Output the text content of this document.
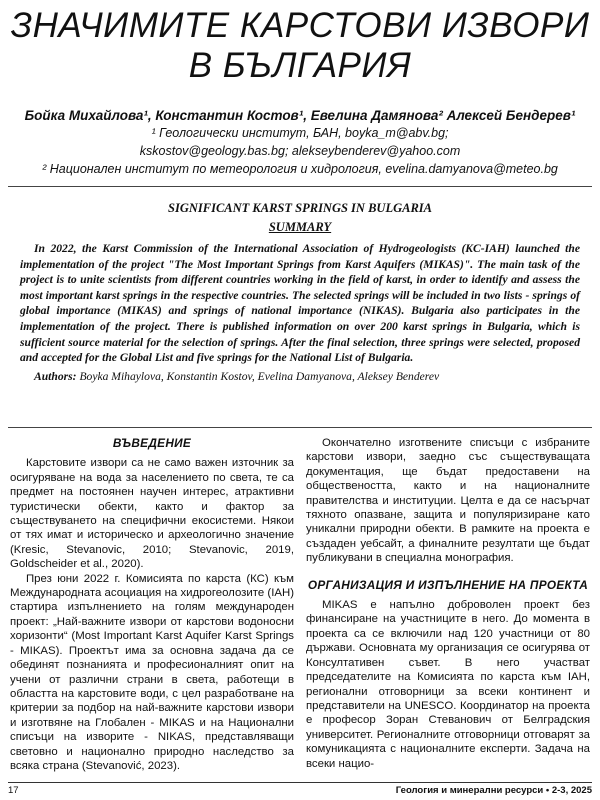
ЗНАЧИМИТЕ КАРСТОВИ ИЗВОРИ
В БЪЛГАРИЯ

Бойка Михайлова¹, Константин Костов¹, Евелина Дамянова² Алексей Бендерев¹

¹ Геологически институт, БАН, boyka_m@abv.bg;

kskostov@geology.bas.bg; alekseybenderev@yahoo.com

² Национален институт по метеорология и хидрология, evelina.damyanova@meteo.bg

SIGNIFICANT KARST SPRINGS IN BULGARIA

SUMMARY

In 2022, the Karst Commission of the International Association of Hydrogeologists (KC-IAH) launched the implementation of the project "The Most Important Springs from Karst Aquifers (MIKAS)". The main task of the project is to unite scientists from different countries working in the field of karst, in order to identify and assess the most important karst springs in the respective countries. The selected springs will be included in two lists - springs of global importance (MIKAS) and springs of national importance (NIKAS). Bulgaria also participates in the implementation of the project. There is published information on over 200 karst springs in Bulgaria, which is sufficient source material for the selection of springs. After the final selection, three springs were selected, proposed and accepted for the Global List and five springs for the National List of Bulgaria.

Authors: Boyka Mihaylova, Konstantin Kostov, Evelina Damyanova, Aleksey Benderev

ВЪВЕДЕНИЕ

Карстовите извори са не само важен източник за осигуряване на вода за населението по света, те са предмет на постоянен научен интерес, атрактивни туристически обекти, както и фактор за съществуването на специфични екосистеми. Някои от тях имат и историческо и археологично значение (Kresic, Stevanovic, 2010; Stevanovic, 2019, Goldscheider et al., 2020).

През юни 2022 г. Комисията по карста (КС) към Международната асоциация на хидрогеолозите (IAH) стартира изпълнението на голям международен проект: „Най-важните извори от карстови водоносни хоризонти“ (Most Important Karst Aquifer Karst Springs - MIKAS). Проектът има за основна задача да се обединят познанията и професионалният опит на учени от различни страни в света, работещи в областта на карстовите води, с цел разработване на критерии за подбор на най-важните карстови извори и изготвяне на Глобален - MIKAS и на Национални списъци на изворите - NIKAS, представляващи световно и национално природно наследство за всяка страна (Stevanović, 2023).

Окончателно изготвените списъци с избраните карстови извори, заедно със съществуващата документация, ще бъдат предоставени на обществеността, както и на националните правителства и институции. Целта е да се насърчат тяхното опазване, защита и популяризиране като уникални природни обекти. В рамките на проекта е създаден уебсайт, а финалните резултати ще бъдат публикувани в специална монография.

ОРГАНИЗАЦИЯ И ИЗПЪЛНЕНИЕ НА ПРОЕКТА

MIKAS е напълно доброволен проект без финансиране на участниците в него. До момента в проекта са се включили над 120 участници от 80 държави. Основната му организация се осигурява от Консултативен съвет. В него участват председателите на Комисията по карста към IAH, регионални отговорници за всеки континент и представители на UNESCO. Координатор на проекта е професор Зоран Стеванович от Белградския университет. Регионалните отговорници отговарят за комуникацията с националните експерти. Задача на всеки нацио-

17	Геология и минерални ресурси • 2-3, 2025
